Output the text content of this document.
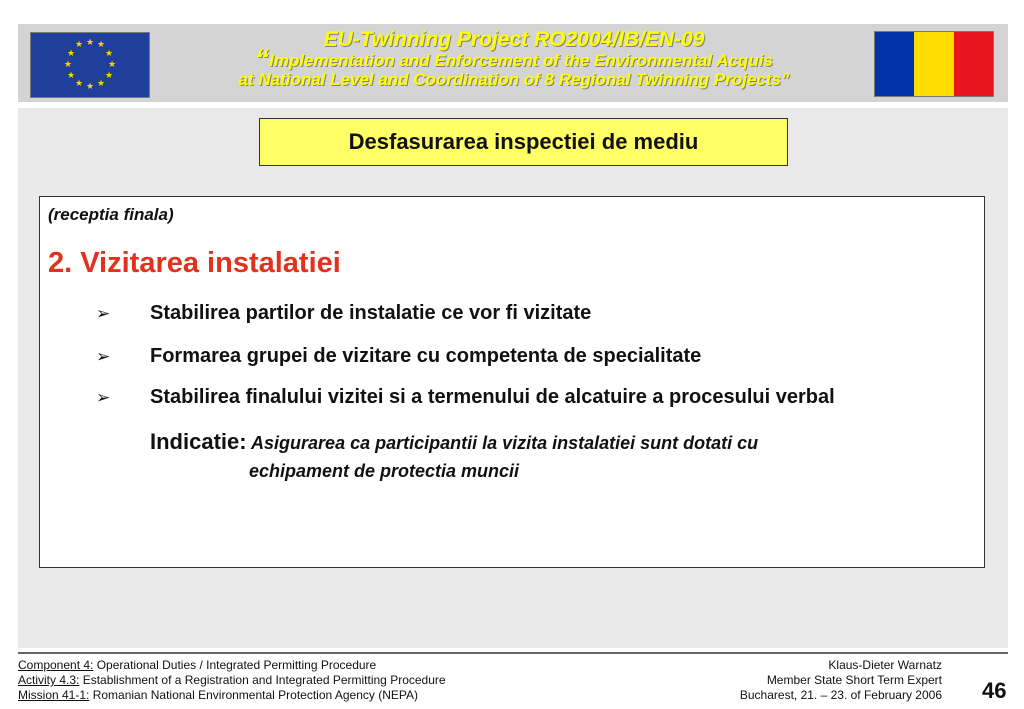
★ ★
★
★
★
★
★
★
★
★
★
★	EU-Twinning Project RO2004/IB/EN-09
“Implementation and Enforcement of the Environmental Acquis
at National Level and Coordination of 8 Regional Twinning Projects”
Desfasurarea inspectiei de mediu
(receptia finala)
2. Vizitarea instalatiei
➢	Stabilirea partilor de instalatie ce vor fi vizitate
➢	Formarea grupei de vizitare cu competenta de specialitate
➢	Stabilirea finalului vizitei si a termenului de alcatuire a procesului verbal
Indicatie: Asigurarea ca participantii la vizita instalatiei sunt dotati cu
echipament de protectia muncii
Component 4: Operational Duties / Integrated Permitting Procedure
Activity 4.3: Establishment of a Registration and Integrated Permitting Procedure
Mission 41-1: Romanian National Environmental Protection Agency (NEPA)
Klaus-Dieter Warnatz
Member State Short Term Expert
Bucharest, 21. – 23. of February 2006 46
